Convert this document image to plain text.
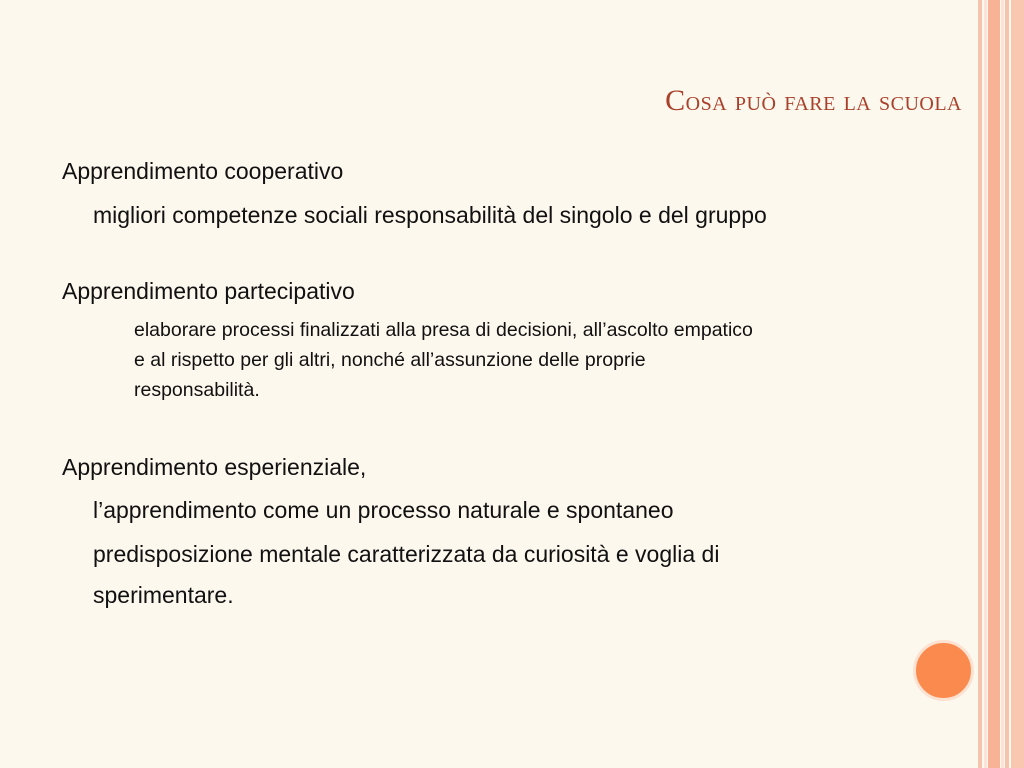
Cosa può fare la scuola
Apprendimento cooperativo
migliori competenze sociali responsabilità del singolo e del gruppo
Apprendimento partecipativo
elaborare processi finalizzati alla presa di decisioni, all’ascolto empatico
e al rispetto per gli altri, nonché all’assunzione delle proprie
responsabilità.
Apprendimento esperienziale,
l’apprendimento come un processo naturale e spontaneo
predisposizione mentale caratterizzata da curiosità e voglia di
sperimentare.
